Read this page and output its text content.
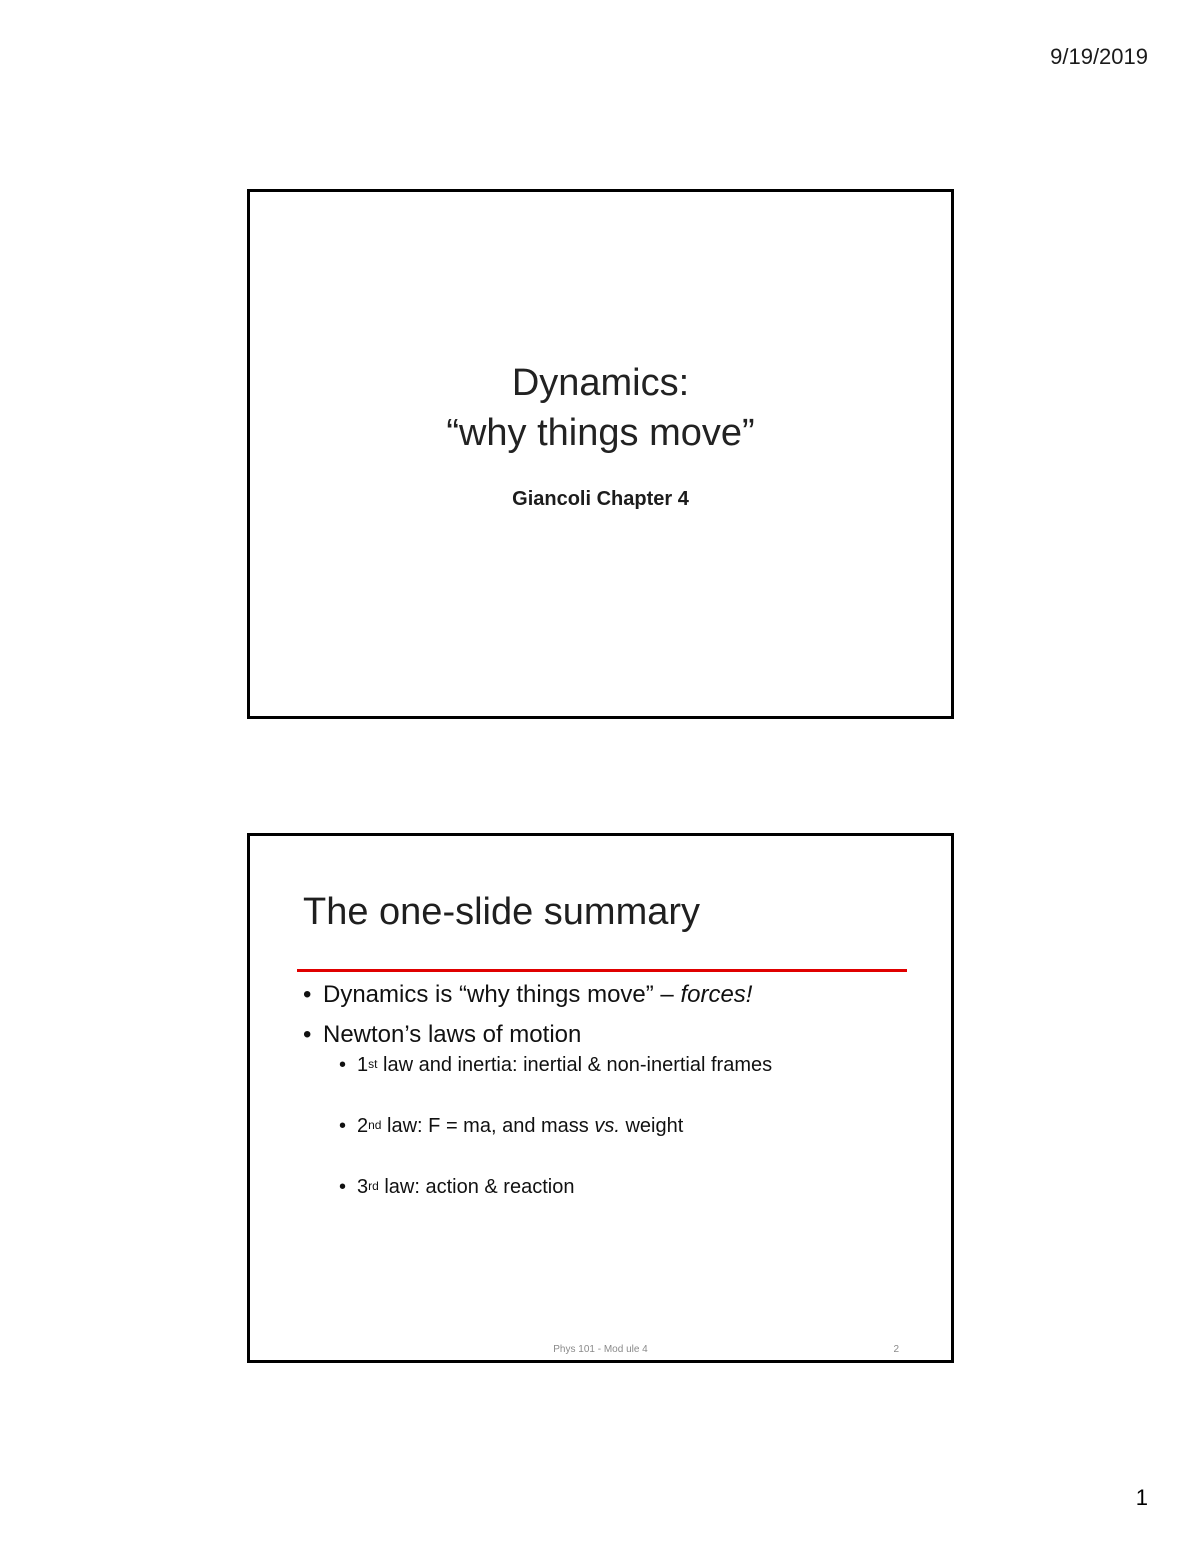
9/19/2019
Dynamics:
“why things move”
Giancoli Chapter 4
The one-slide summary
• Dynamics is “why things move” – forces!
• Newton’s laws of motion
• 1st law and inertia: inertial & non-inertial frames
• 2nd law: F = ma, and mass vs. weight
• 3rd law: action & reaction
Phys 101 - Mod ule 4	2
1
